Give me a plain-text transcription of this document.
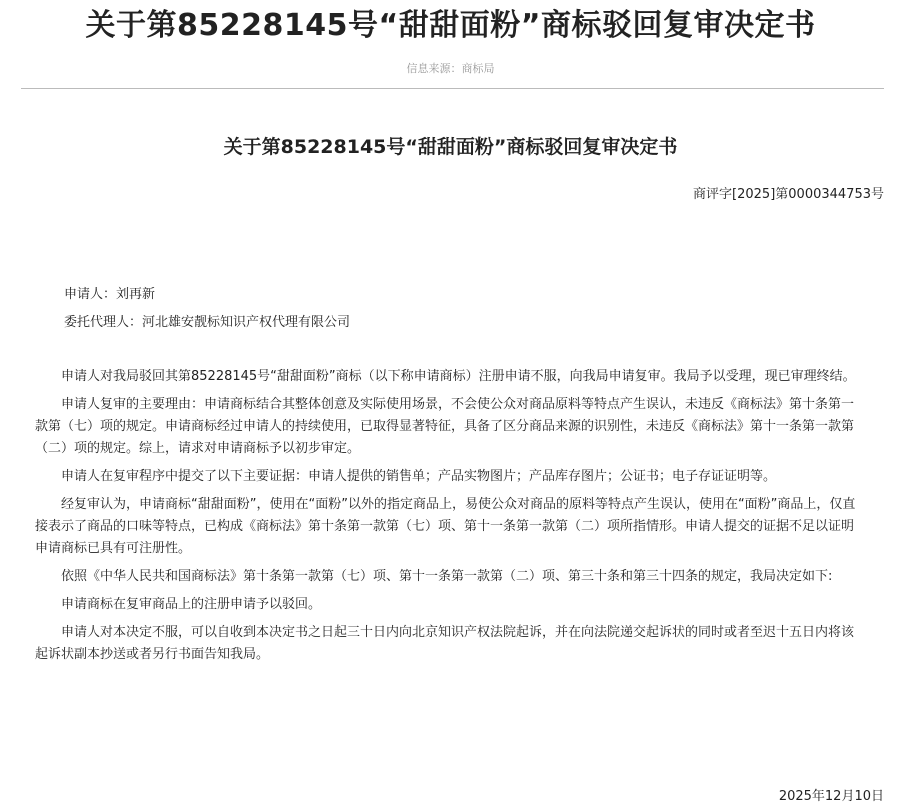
关于第85228145号“甜甜面粉”商标驳回复审决定书
信息来源：商标局
关于第85228145号“甜甜面粉”商标驳回复审决定书
商评字[2025]第0000344753号
申请人：刘再新
委托代理人：河北雄安靓标知识产权代理有限公司

申请人对我局驳回其第85228145号“甜甜面粉”商标（以下称申请商标）注册申请不服，向我局申请复审。我局予以受理，现已审理终结。

申请人复审的主要理由：申请商标结合其整体创意及实际使用场景，不会使公众对商品原料等特点产生误认，未违反《商标法》第十条第一款第（七）项的规定。申请商标经过申请人的持续使用，已取得显著特征，具备了区分商品来源的识别性，未违反《商标法》第十一条第一款第（二）项的规定。综上，请求对申请商标予以初步审定。

申请人在复审程序中提交了以下主要证据：申请人提供的销售单；产品实物图片；产品库存图片；公证书；电子存证证明等。

经复审认为，申请商标“甜甜面粉”，使用在“面粉”以外的指定商品上，易使公众对商品的原料等特点产生误认，使用在“面粉”商品上，仅直接表示了商品的口味等特点，已构成《商标法》第十条第一款第（七）项、第十一条第一款第（二）项所指情形。申请人提交的证据不足以证明申请商标已具有可注册性。

依照《中华人民共和国商标法》第十条第一款第（七）项、第十一条第一款第（二）项、第三十条和第三十四条的规定，我局决定如下:

申请商标在复审商品上的注册申请予以驳回。

申请人对本决定不服，可以自收到本决定书之日起三十日内向北京知识产权法院起诉，并在向法院递交起诉状的同时或者至迟十五日内将该起诉状副本抄送或者另行书面告知我局。

2025年12月10日
